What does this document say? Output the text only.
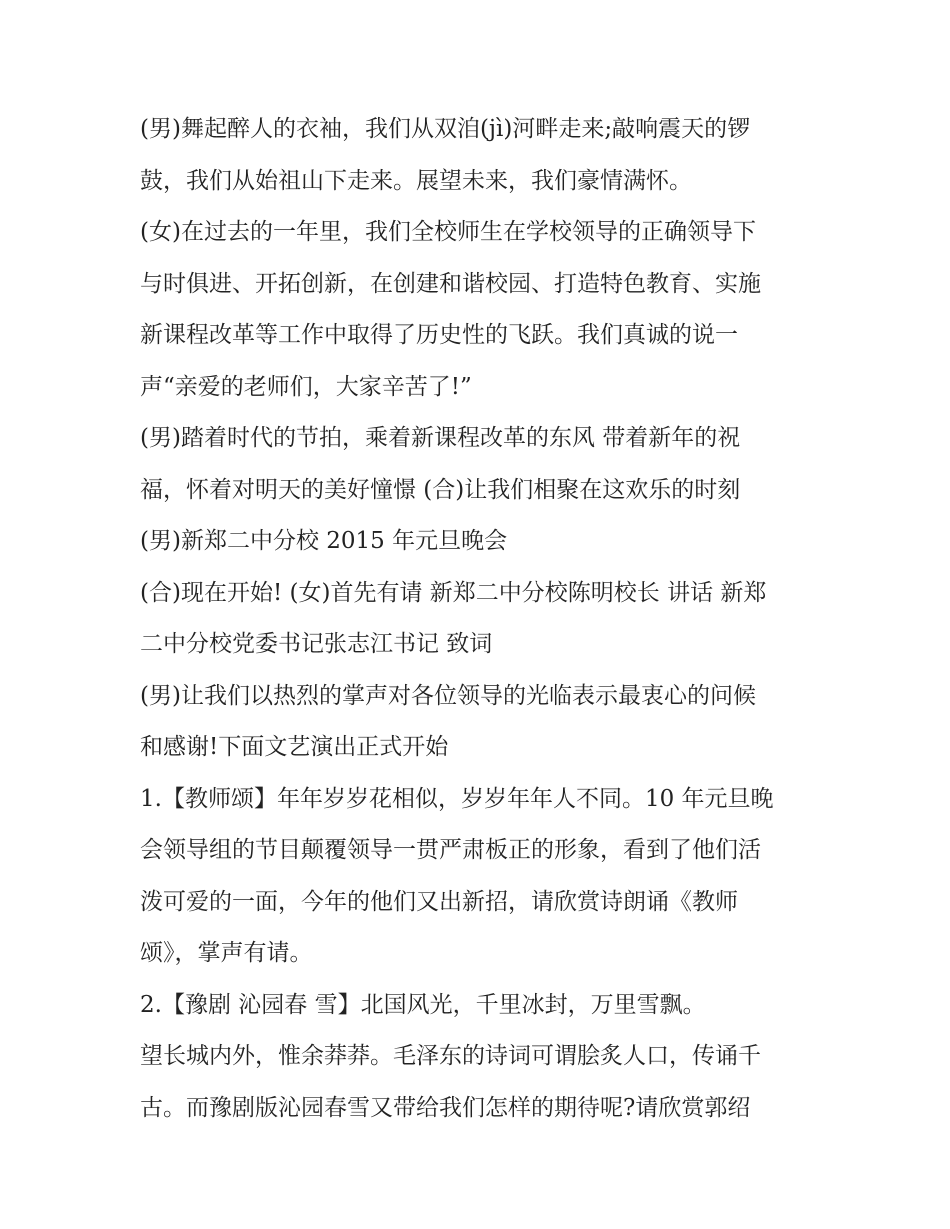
(男)舞起醉人的衣袖，我们从双洎(jì)河畔走来;敲响震天的锣
鼓，我们从始祖山下走来。展望未来，我们豪情满怀。
(女)在过去的一年里，我们全校师生在学校领导的正确领导下
与时俱进、开拓创新，在创建和谐校园、打造特色教育、实施
新课程改革等工作中取得了历史性的飞跃。我们真诚的说一
声“亲爱的老师们，大家辛苦了!”
(男)踏着时代的节拍，乘着新课程改革的东风 带着新年的祝
福，怀着对明天的美好憧憬 (合)让我们相聚在这欢乐的时刻
(男)新郑二中分校 2015 年元旦晚会
(合)现在开始! (女)首先有请 新郑二中分校陈明校长 讲话 新郑
二中分校党委书记张志江书记 致词
(男)让我们以热烈的掌声对各位领导的光临表示最衷心的问候
和感谢!下面文艺演出正式开始
1.【教师颂】年年岁岁花相似，岁岁年年人不同。10 年元旦晚
会领导组的节目颠覆领导一贯严肃板正的形象，看到了他们活
泼可爱的一面，今年的他们又出新招，请欣赏诗朗诵《教师
颂》，掌声有请。
2.【豫剧 沁园春 雪】北国风光，千里冰封，万里雪飘。
望长城内外，惟余莽莽。毛泽东的诗词可谓脍炙人口，传诵千
古。而豫剧版沁园春雪又带给我们怎样的期待呢?请欣赏郭绍
